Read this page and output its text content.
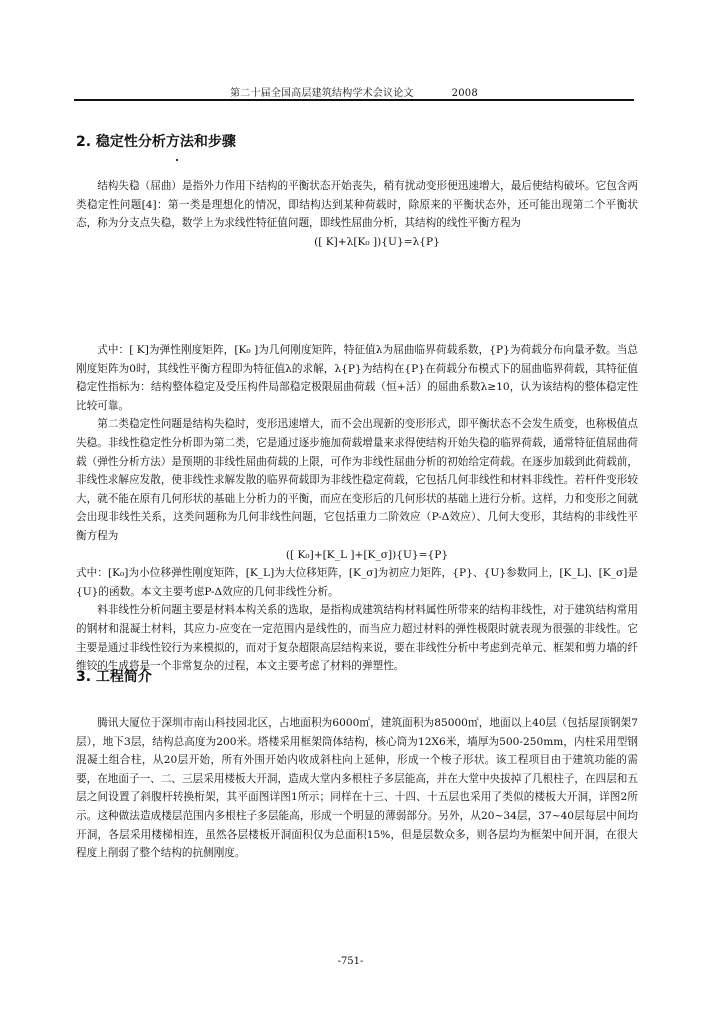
第二十届全国高层建筑结构学术会议论文	2008
2. 稳定性分析方法和步骤

结构失稳（屈曲）是指外力作用下结构的平衡状态开始丧失，稍有扰动变形便迅速增大，最后使结构破坏。它包含两类稳定性问题[4]：第一类是理想化的情况，即结构达到某种荷载时，除原来的平衡状态外，还可能出现第二个平衡状态，称为分支点失稳，数学上为求线性特征值问题，即线性屈曲分析，其结构的线性平衡方程为

([ K]+λ[K₀ ]){U}=λ{P}

式中：[ K]为弹性刚度矩阵，[K₀ ]为几何刚度矩阵，特征值λ为屈曲临界荷载系数，{P}为荷载分布向量矛数。当总刚度矩阵为0时，其线性平衡方程即为特征值λ的求解，λ{P}为结构在{P}在荷载分布模式下的屈曲临界荷载，其特征值稳定性指标为：结构整体稳定及受压构件局部稳定极限屈曲荷载（恒+活）的屈曲系数λ≥10，认为该结构的整体稳定性比较可靠。

第二类稳定性问题是结构失稳时，变形迅速增大，而不会出现新的变形形式，即平衡状态不会发生质变，也称极值点失稳。非线性稳定性分析即为第二类，它是通过逐步施加荷载增量来求得使结构开始失稳的临界荷载，通常特征值屈曲荷载（弹性分析方法）是预期的非线性屈曲荷载的上限，可作为非线性屈曲分析的初始给定荷载。在逐步加载到此荷载前，非线性求解应发散，使非线性求解发散的临界荷载即为非线性稳定荷载，它包括几何非线性和材料非线性。若杆件变形较大，就不能在原有几何形状的基础上分析力的平衡，而应在变形后的几何形状的基础上进行分析。这样，力和变形之间就会出现非线性关系，这类问题称为几何非线性问题，它包括重力二阶效应（P-Δ效应）、几何大变形，其结构的非线性平衡方程为

([ K₀]+[K_L ]+[K_σ]){U}={P}

式中：[K₀]为小位移弹性刚度矩阵，[K_L]为大位移矩阵，[K_σ]为初应力矩阵，{P}、{U}参数同上，[K_L]、[K_σ]是{U}的函数。本文主要考虑P-Δ效应的几何非线性分析。

料非线性分析问题主要是材料本构关系的选取，是指构成建筑结构材料属性所带来的结构非线性，对于建筑结构常用的钢材和混凝土材料，其应力-应变在一定范围内是线性的，而当应力超过材料的弹性极限时就表现为很强的非线性。它主要是通过非线性铰行为来模拟的，而对于复杂超限高层结构来说，要在非线性分析中考虑到壳单元、框架和剪力墙的纤维铰的生成将是一个非常复杂的过程，本文主要考虑了材料的弹塑性。

3. 工程简介

腾讯大厦位于深圳市南山科技园北区，占地面积为6000㎡，建筑面积为85000㎡，地面以上40层（包括屋顶钢架7层），地下3层，结构总高度为200米。塔楼采用框架筒体结构，核心筒为12X6米，墙厚为500-250mm，内柱采用型钢混凝土组合柱，从20层开始，所有外围开始内收成斜柱向上延伸，形成一个梭子形状。该工程项目由于建筑功能的需要，在地面子一、二、三层采用楼板大开洞，造成大堂内多根柱子多层能高，并在大堂中央拔掉了几根柱子，在四层和五层之间设置了斜腹杆转换桁架，其平面图详图1所示；同样在十三、十四、十五层也采用了类似的楼板大开洞，详图2所示。这种做法造成楼层范围内多根柱子多层能高，形成一个明显的薄弱部分。另外，从20~34层，37~40层每层中间均开洞，各层采用楼梯相连，虽然各层楼板开洞面积仅为总面积15%，但是层数众多，则各层均为框架中间开洞，在很大程度上削弱了整个结构的抗侧刚度。

-751-
